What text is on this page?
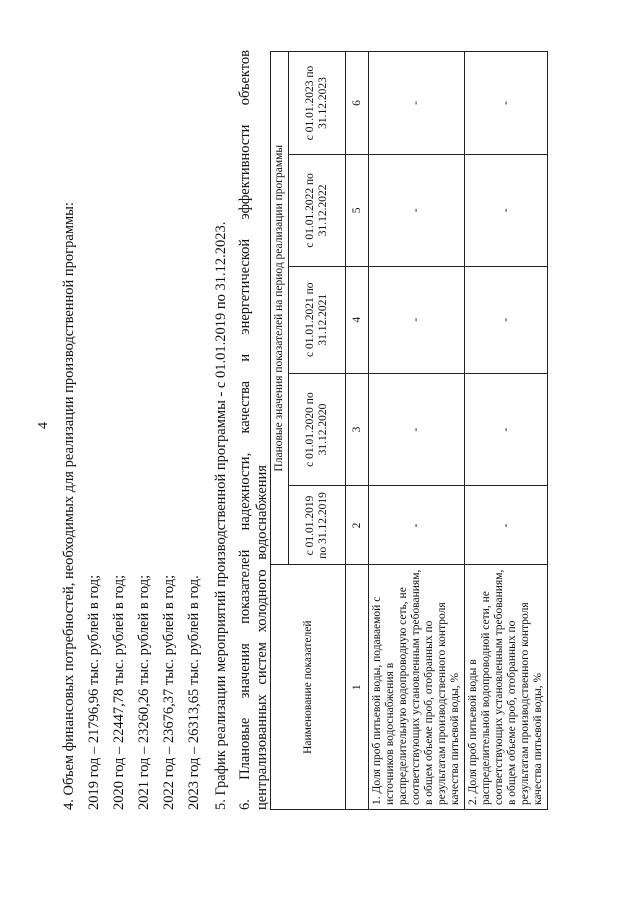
4 4. Объем финансовых потребностей, необходимых для реализации производственной программы: 2019 год – 21796,96 тыс. рублей в год; 2020 год – 22447,78 тыс. рублей в год; 2021 год – 23260,26 тыс. рублей в год; 2022 год – 23676,37 тыс. рублей в год; 2023 год – 26313,65 тыс. рублей в год. 5. График реализации мероприятий производственной программы - с 01.01.2019 по 31.12.2023. 6. Плановые значения показателей надежности, качества и энергетической эффективности объектов централизованных систем холодного водоснабжения	Наименование показателей	Плановые значения показателей на период реализации программы				
	с 01.01.2019 по 31.12.2019	с 01.01.2020 по 31.12.2020	с 01.01.2021 по 31.12.2021	с 01.01.2022 по 31.12.2022	с 01.01.2023 по 31.12.2023
1	2	3	4	5	6
1. Доля проб питьевой воды, подаваемой с источников водоснабжения в распределительную водопроводную сеть, не соответствующих установленным требованиям, в общем объеме проб, отобранных по результатам производственного контроля качества питьевой воды, %	-	-	-	-	-
2. Доля проб питьевой воды в распределительной водопроводной сети, не соответствующих установленным требованиям, в общем объеме проб, отобранных по результатам производственного контроля качества питьевой воды, %	-	-	-	-	-
